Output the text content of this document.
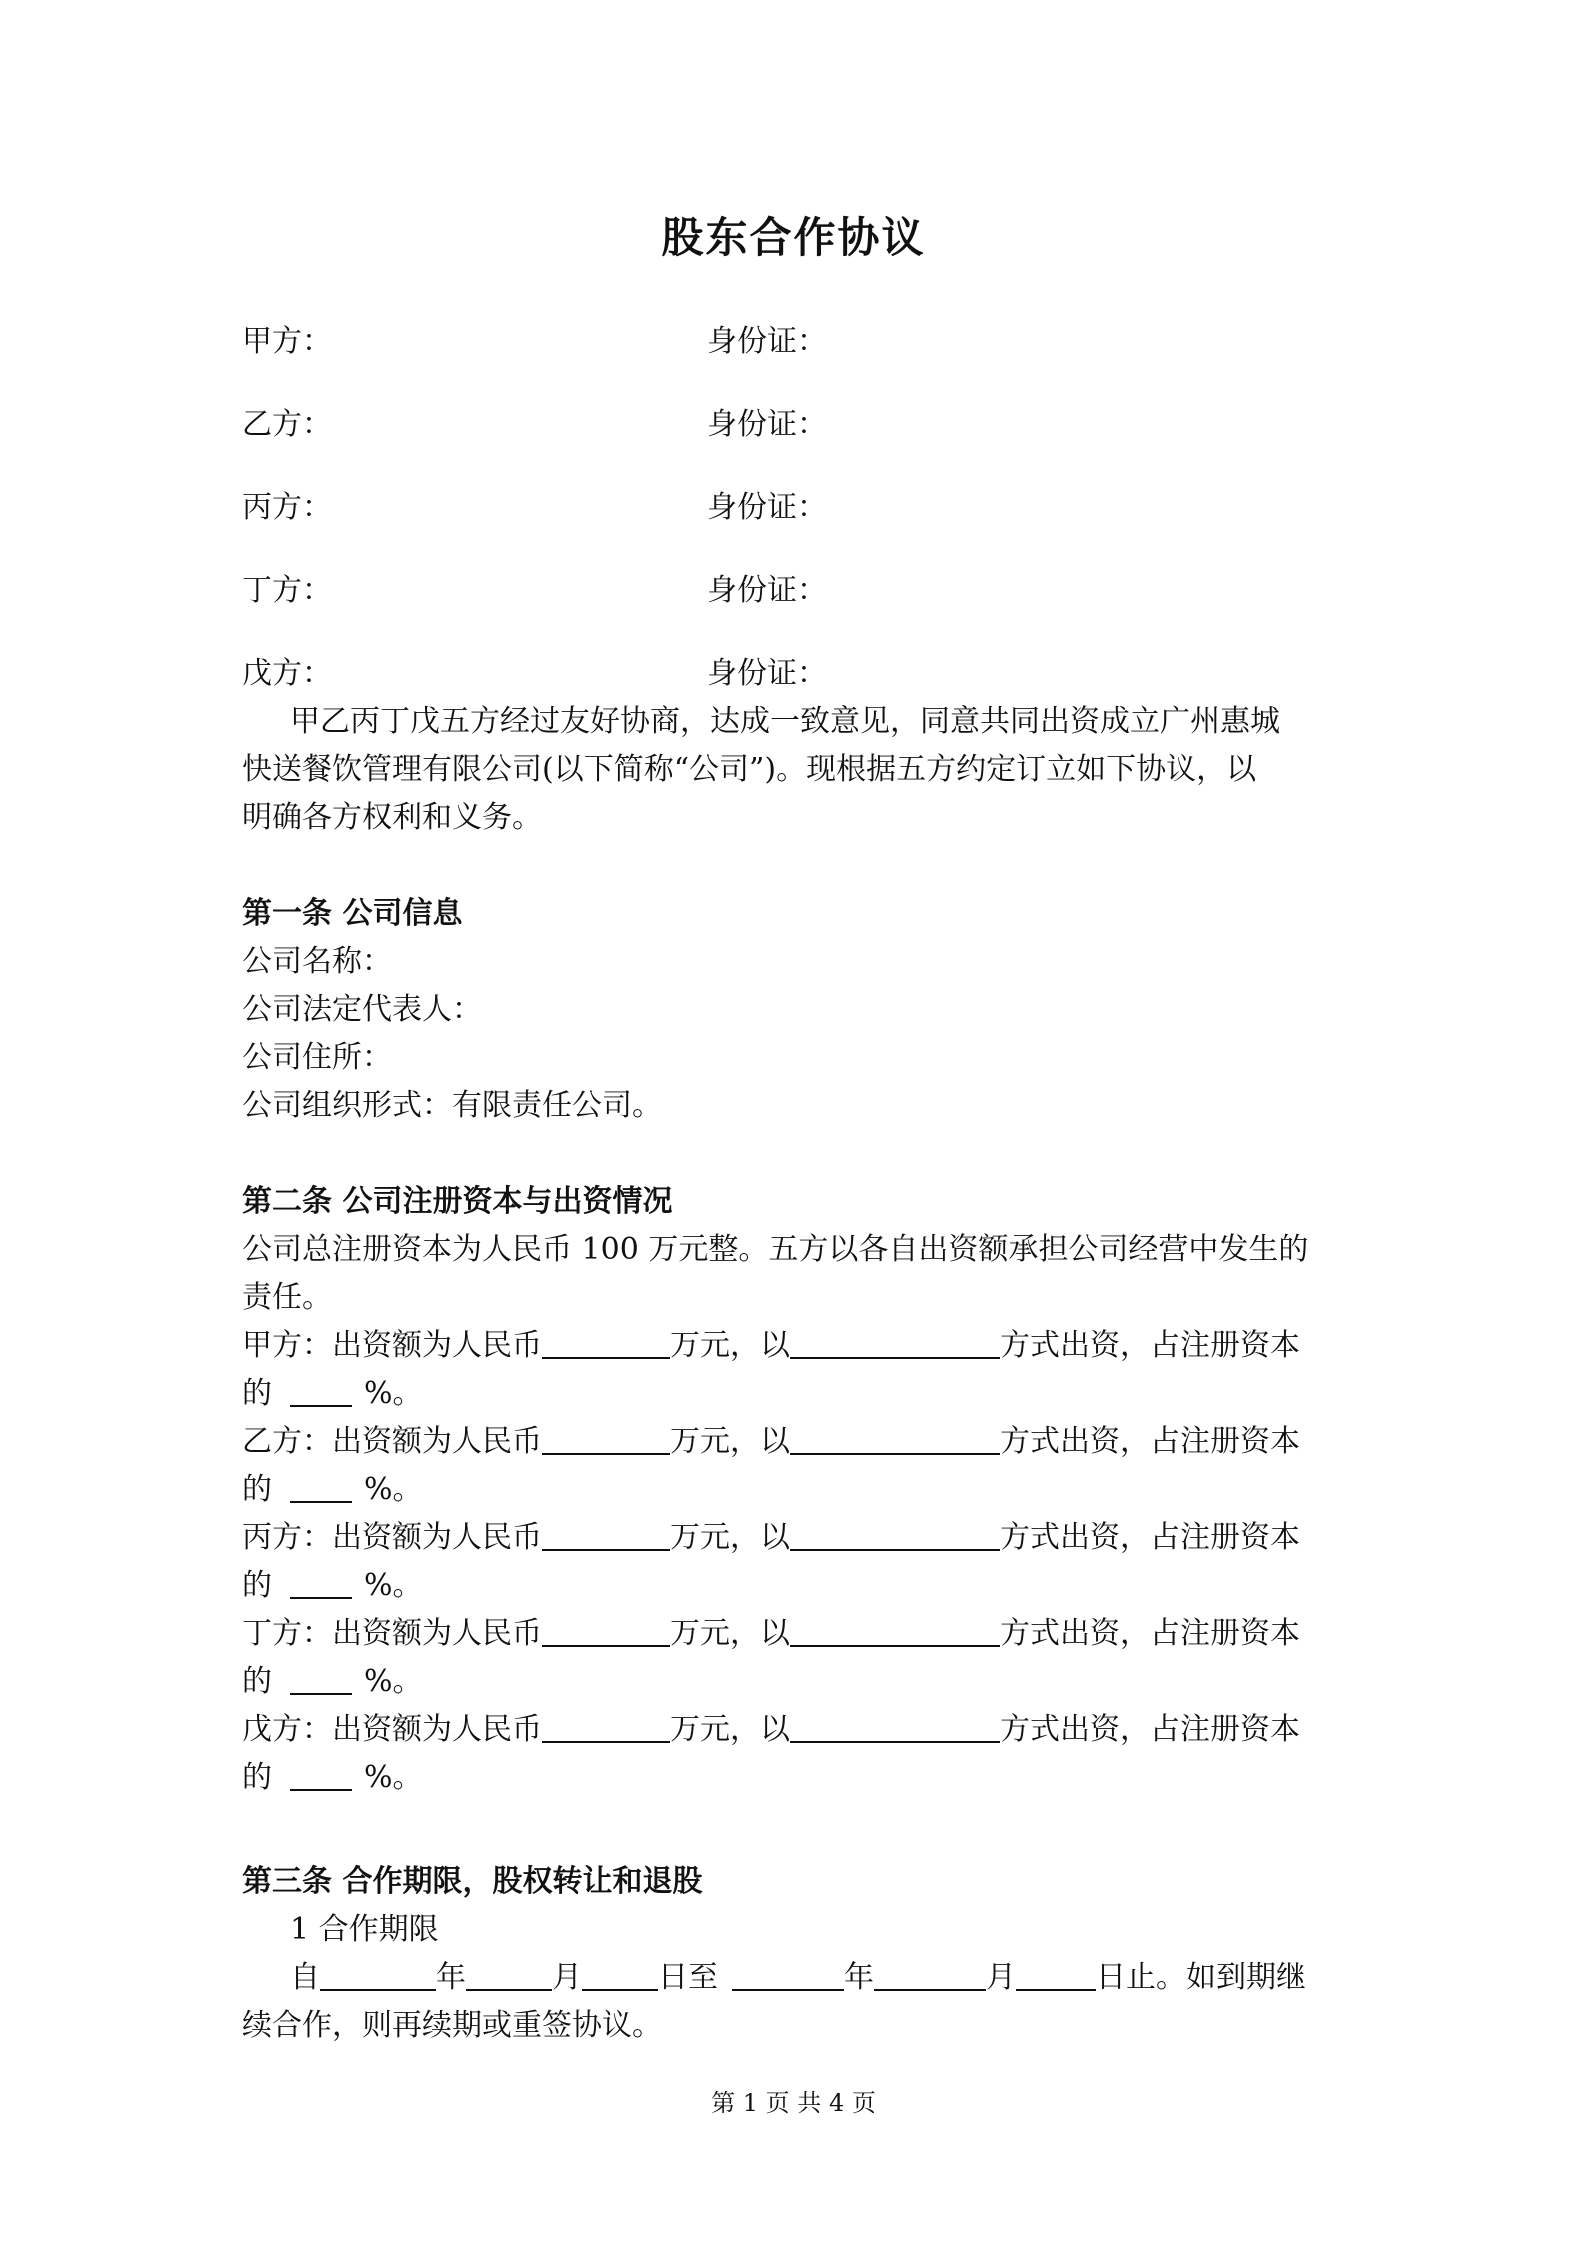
股东合作协议
甲方：	身份证：
乙方：	身份证：
丙方：	身份证：
丁方：	身份证：
戊方：	身份证：
甲乙丙丁戊五方经过友好协商，达成一致意见，同意共同出资成立广州惠城
快送餐饮管理有限公司(以下简称“公司”)。现根据五方约定订立如下协议，以
明确各方权利和义务。
第一条 公司信息
公司名称：
公司法定代表人：
公司住所：
公司组织形式：有限责任公司。
第二条 公司注册资本与出资情况
公司总注册资本为人民币 100 万元整。五方以各自出资额承担公司经营中发生的
责任。
甲方：出资额为人民币	万元，以	方式出资，占注册资本
的	%。
乙方：出资额为人民币	万元，以	方式出资，占注册资本
的	%。
丙方：出资额为人民币	万元，以	方式出资，占注册资本
的	%。
丁方：出资额为人民币	万元，以	方式出资，占注册资本
的	%。
戊方：出资额为人民币	万元，以	方式出资，占注册资本
的	%。
第三条 合作期限，股权转让和退股
1 合作期限
自	年	月	日至	年	月	日止。如到期继
续合作，则再续期或重签协议。
第 1 页 共 4 页
